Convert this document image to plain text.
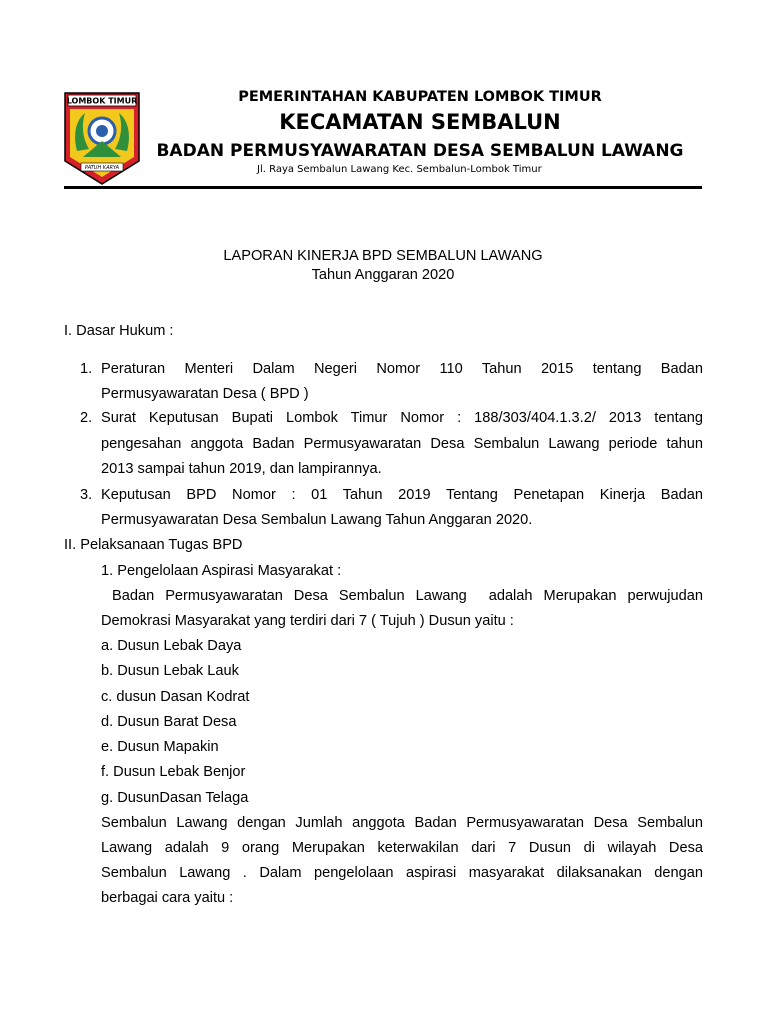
LOMBOK TIMUR
PATUH KARYA
PEMERINTAHAN KABUPATEN LOMBOK TIMUR
KECAMATAN SEMBALUN
BADAN PERMUSYAWARATAN DESA SEMBALUN LAWANG
Jl. Raya Sembalun Lawang Kec. Sembalun-Lombok Timur
LAPORAN KINERJA BPD SEMBALUN LAWANG
Tahun Anggaran 2020
I. Dasar Hukum :
1. Peraturan Menteri Dalam Negeri Nomor 110 Tahun 2015 tentang Badan
Permusyawaratan Desa ( BPD )
2. Surat Keputusan Bupati Lombok Timur Nomor : 188/303/404.1.3.2/ 2013 tentang
pengesahan anggota Badan Permusyawaratan Desa Sembalun Lawang periode tahun
2013 sampai tahun 2019, dan lampirannya.
3. Keputusan BPD Nomor : 01 Tahun 2019 Tentang Penetapan Kinerja Badan
Permusyawaratan Desa Sembalun Lawang Tahun Anggaran 2020.
II. Pelaksanaan Tugas BPD
1. Pengelolaan Aspirasi Masyarakat :
Badan Permusyawaratan Desa Sembalun Lawang  adalah Merupakan perwujudan
Demokrasi Masyarakat yang terdiri dari 7 ( Tujuh ) Dusun yaitu :
a. Dusun Lebak Daya
b. Dusun Lebak Lauk
c. dusun Dasan Kodrat
d. Dusun Barat Desa
e. Dusun Mapakin
f. Dusun Lebak Benjor
g. DusunDasan Telaga
Sembalun Lawang dengan Jumlah anggota Badan Permusyawaratan Desa Sembalun
Lawang adalah 9 orang Merupakan keterwakilan dari 7 Dusun di wilayah Desa
Sembalun Lawang . Dalam pengelolaan aspirasi masyarakat dilaksanakan dengan
berbagai cara yaitu :
